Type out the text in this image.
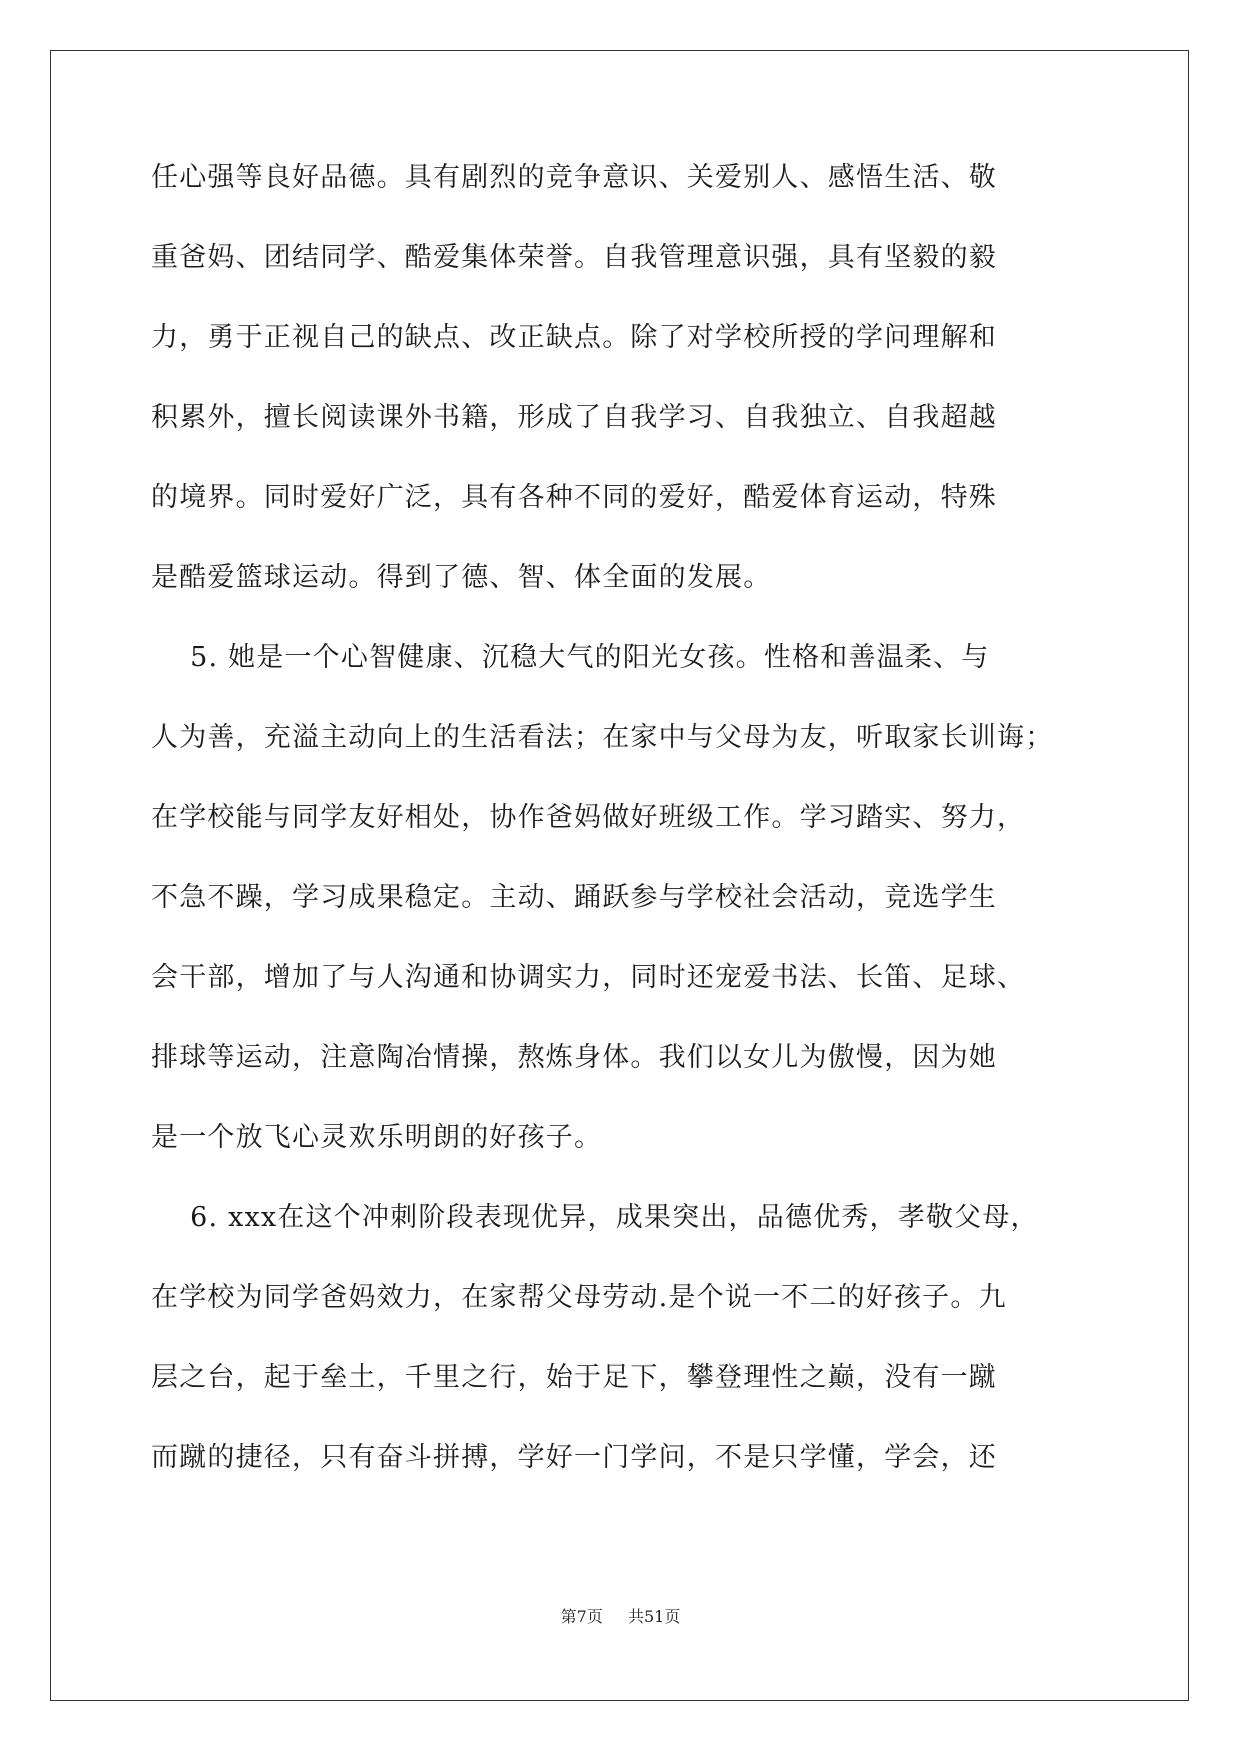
任心强等良好品德。具有剧烈的竞争意识、关爱别人、感悟生活、敬
重爸妈、团结同学、酷爱集体荣誉。自我管理意识强，具有坚毅的毅
力，勇于正视自己的缺点、改正缺点。除了对学校所授的学问理解和
积累外，擅长阅读课外书籍，形成了自我学习、自我独立、自我超越
的境界。同时爱好广泛，具有各种不同的爱好，酷爱体育运动，特殊
是酷爱篮球运动。得到了德、智、体全面的发展。
5. 她是一个心智健康、沉稳大气的阳光女孩。性格和善温柔、与
人为善，充溢主动向上的生活看法；在家中与父母为友，听取家长训诲；
在学校能与同学友好相处，协作爸妈做好班级工作。学习踏实、努力，
不急不躁，学习成果稳定。主动、踊跃参与学校社会活动，竞选学生
会干部，增加了与人沟通和协调实力，同时还宠爱书法、长笛、足球、
排球等运动，注意陶冶情操，熬炼身体。我们以女儿为傲慢，因为她
是一个放飞心灵欢乐明朗的好孩子。
6. xxx在这个冲刺阶段表现优异，成果突出，品德优秀，孝敬父母，
在学校为同学爸妈效力，在家帮父母劳动.是个说一不二的好孩子。九
层之台，起于垒土，千里之行，始于足下，攀登理性之巅，没有一蹴
而蹴的捷径，只有奋斗拼搏，学好一门学问，不是只学懂，学会，还
第7页 共51页
